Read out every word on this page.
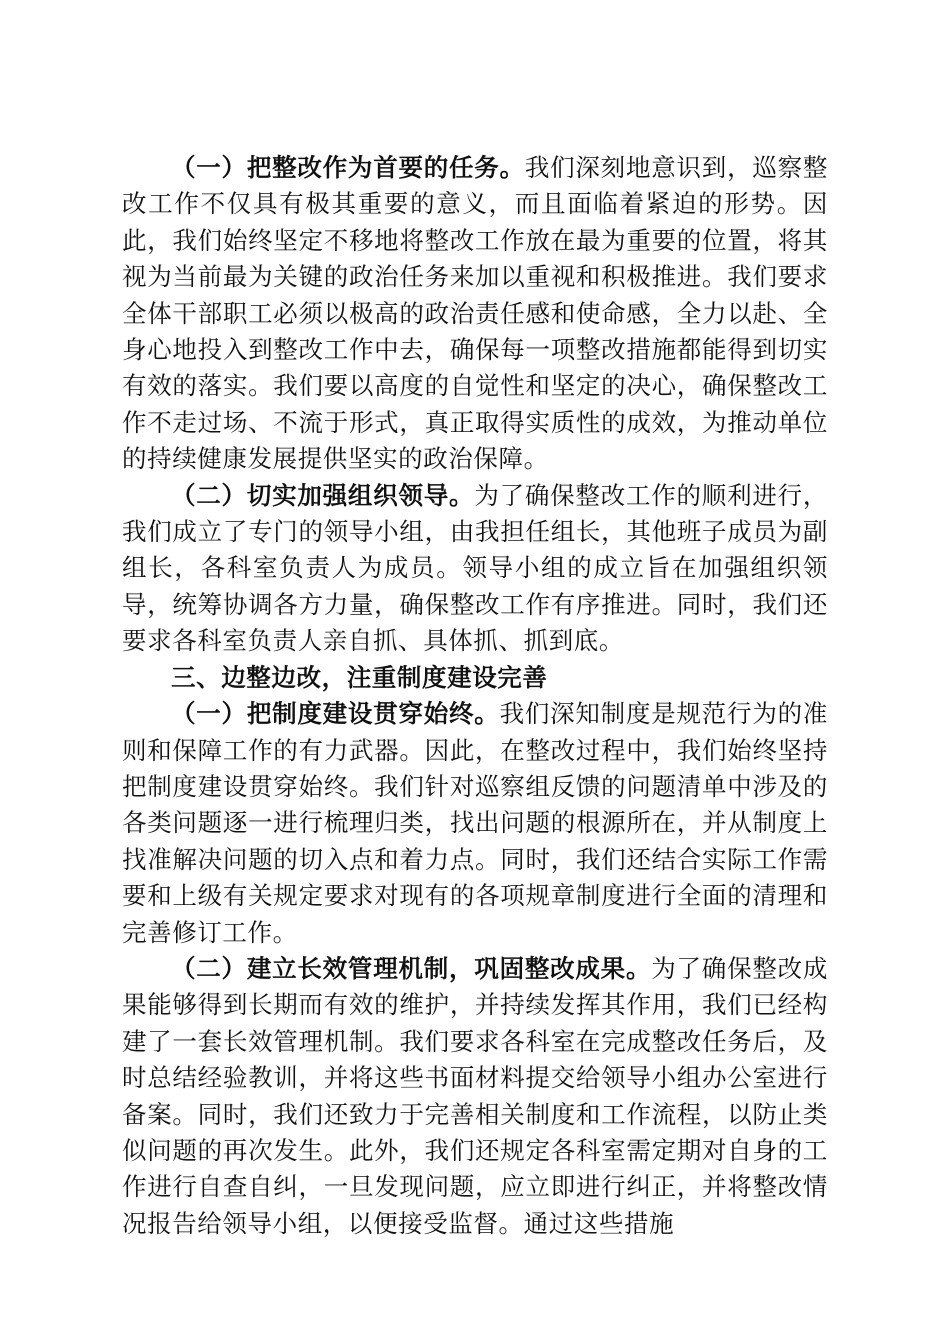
（一）把整改作为首要的任务。我们深刻地意识到，巡察整改工作不仅具有极其重要的意义，而且面临着紧迫的形势。因此，我们始终坚定不移地将整改工作放在最为重要的位置，将其视为当前最为关键的政治任务来加以重视和积极推进。我们要求全体干部职工必须以极高的政治责任感和使命感，全力以赴、全身心地投入到整改工作中去，确保每一项整改措施都能得到切实有效的落实。我们要以高度的自觉性和坚定的决心，确保整改工作不走过场、不流于形式，真正取得实质性的成效，为推动单位的持续健康发展提供坚实的政治保障。

（二）切实加强组织领导。为了确保整改工作的顺利进行，我们成立了专门的领导小组，由我担任组长，其他班子成员为副组长，各科室负责人为成员。领导小组的成立旨在加强组织领导，统筹协调各方力量，确保整改工作有序推进。同时，我们还要求各科室负责人亲自抓、具体抓、抓到底。

三、边整边改，注重制度建设完善

（一）把制度建设贯穿始终。我们深知制度是规范行为的准则和保障工作的有力武器。因此，在整改过程中，我们始终坚持把制度建设贯穿始终。我们针对巡察组反馈的问题清单中涉及的各类问题逐一进行梳理归类，找出问题的根源所在，并从制度上找准解决问题的切入点和着力点。同时，我们还结合实际工作需要和上级有关规定要求对现有的各项规章制度进行全面的清理和完善修订工作。

（二）建立长效管理机制，巩固整改成果。为了确保整改成果能够得到长期而有效的维护，并持续发挥其作用，我们已经构建了一套长效管理机制。我们要求各科室在完成整改任务后，及时总结经验教训，并将这些书面材料提交给领导小组办公室进行备案。同时，我们还致力于完善相关制度和工作流程，以防止类似问题的再次发生。此外，我们还规定各科室需定期对自身的工作进行自查自纠，一旦发现问题，应立即进行纠正，并将整改情况报告给领导小组，以便接受监督。通过这些措施
